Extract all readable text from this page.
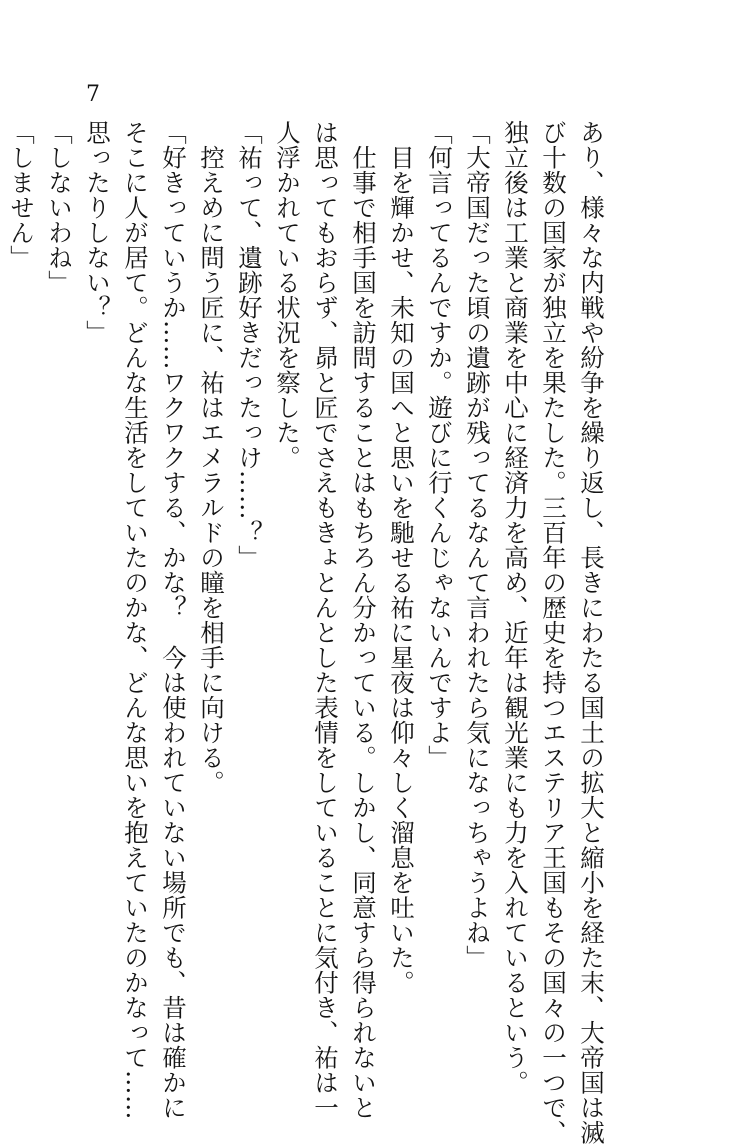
7
あり、様々な内戦や紛争を繰り返し、長きにわたる国土の拡大と縮小を経た末、大帝国は滅
び十数の国家が独立を果たした。三百年の歴史を持つエステリア王国もその国々の一つで、
独立後は工業と商業を中心に経済力を高め、近年は観光業にも力を入れているという。
「大帝国だった頃の遺跡が残ってるなんて言われたら気になっちゃうよね」
「何言ってるんですか。遊びに行くんじゃないんですよ」
　目を輝かせ、未知の国へと思いを馳せる祐に星夜は仰々しく溜息を吐いた。
　仕事で相手国を訪問することはもちろん分かっている。しかし、同意すら得られないと
は思ってもおらず、昴と匠でさえもきょとんとした表情をしていることに気付き、祐は一
人浮かれている状況を察した。
「祐って、遺跡好きだったっけ……？」
　控えめに問う匠に、祐はエメラルドの瞳を相手に向ける。
「好きっていうか……ワクワクする、かな？　今は使われていない場所でも、昔は確かに
そこに人が居て。どんな生活をしていたのかな、どんな思いを抱えていたのかなって……
思ったりしない？」
「しないわね」
「しません」
